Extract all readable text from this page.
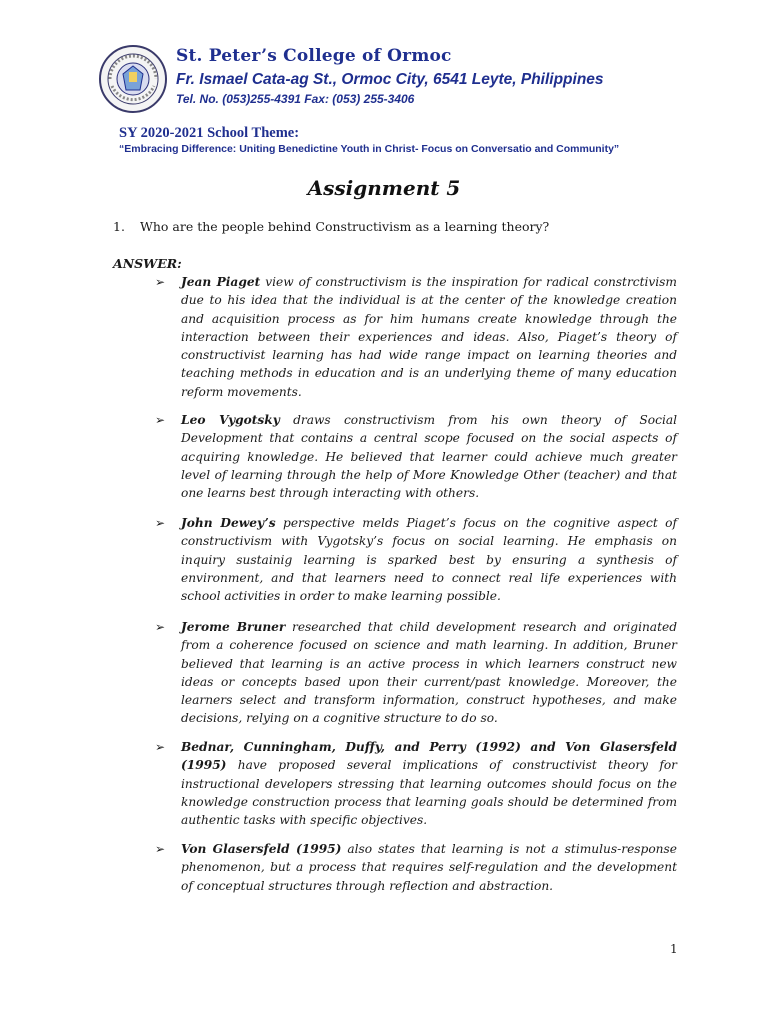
St. Peter’s College of Ormoc
Fr. Ismael Cata-ag St., Ormoc City, 6541 Leyte, Philippines
Tel. No. (053)255-4391 Fax: (053) 255-3406
SY 2020-2021 School Theme:
“Embracing Difference: Uniting Benedictine Youth in Christ- Focus on Conversatio and Community”
Assignment 5
1. Who are the people behind Constructivism as a learning theory?
ANSWER:
➢ Jean Piaget view of constructivism is the inspiration for radical constrctivism due to his idea that the individual is at the center of the knowledge creation and acquisition process as for him humans create knowledge through the interaction between their experiences and ideas. Also, Piaget’s theory of constructivist learning has had wide range impact on learning theories and teaching methods in education and is an underlying theme of many education reform movements.
➢ Leo Vygotsky draws constructivism from his own theory of Social Development that contains a central scope focused on the social aspects of acquiring knowledge. He believed that learner could achieve much greater level of learning through the help of More Knowledge Other (teacher) and that one learns best through interacting with others.
➢ John Dewey’s perspective melds Piaget’s focus on the cognitive aspect of constructivism with Vygotsky’s focus on social learning. He emphasis on inquiry sustainig learning is sparked best by ensuring a synthesis of environment, and that learners need to connect real life experiences with school activities in order to make learning possible.
➢ Jerome Bruner researched that child development research and originated from a coherence focused on science and math learning. In addition, Bruner believed that learning is an active process in which learners construct new ideas or concepts based upon their current/past knowledge. Moreover, the learners select and transform information, construct hypotheses, and make decisions, relying on a cognitive structure to do so.
➢ Bednar, Cunningham, Duffy, and Perry (1992) and Von Glasersfeld (1995) have proposed several implications of constructivist theory for instructional developers stressing that learning outcomes should focus on the knowledge construction process that learning goals should be determined from authentic tasks with specific objectives.
➢ Von Glasersfeld (1995) also states that learning is not a stimulus-response phenomenon, but a process that requires self-regulation and the development of conceptual structures through reflection and abstraction.
1
